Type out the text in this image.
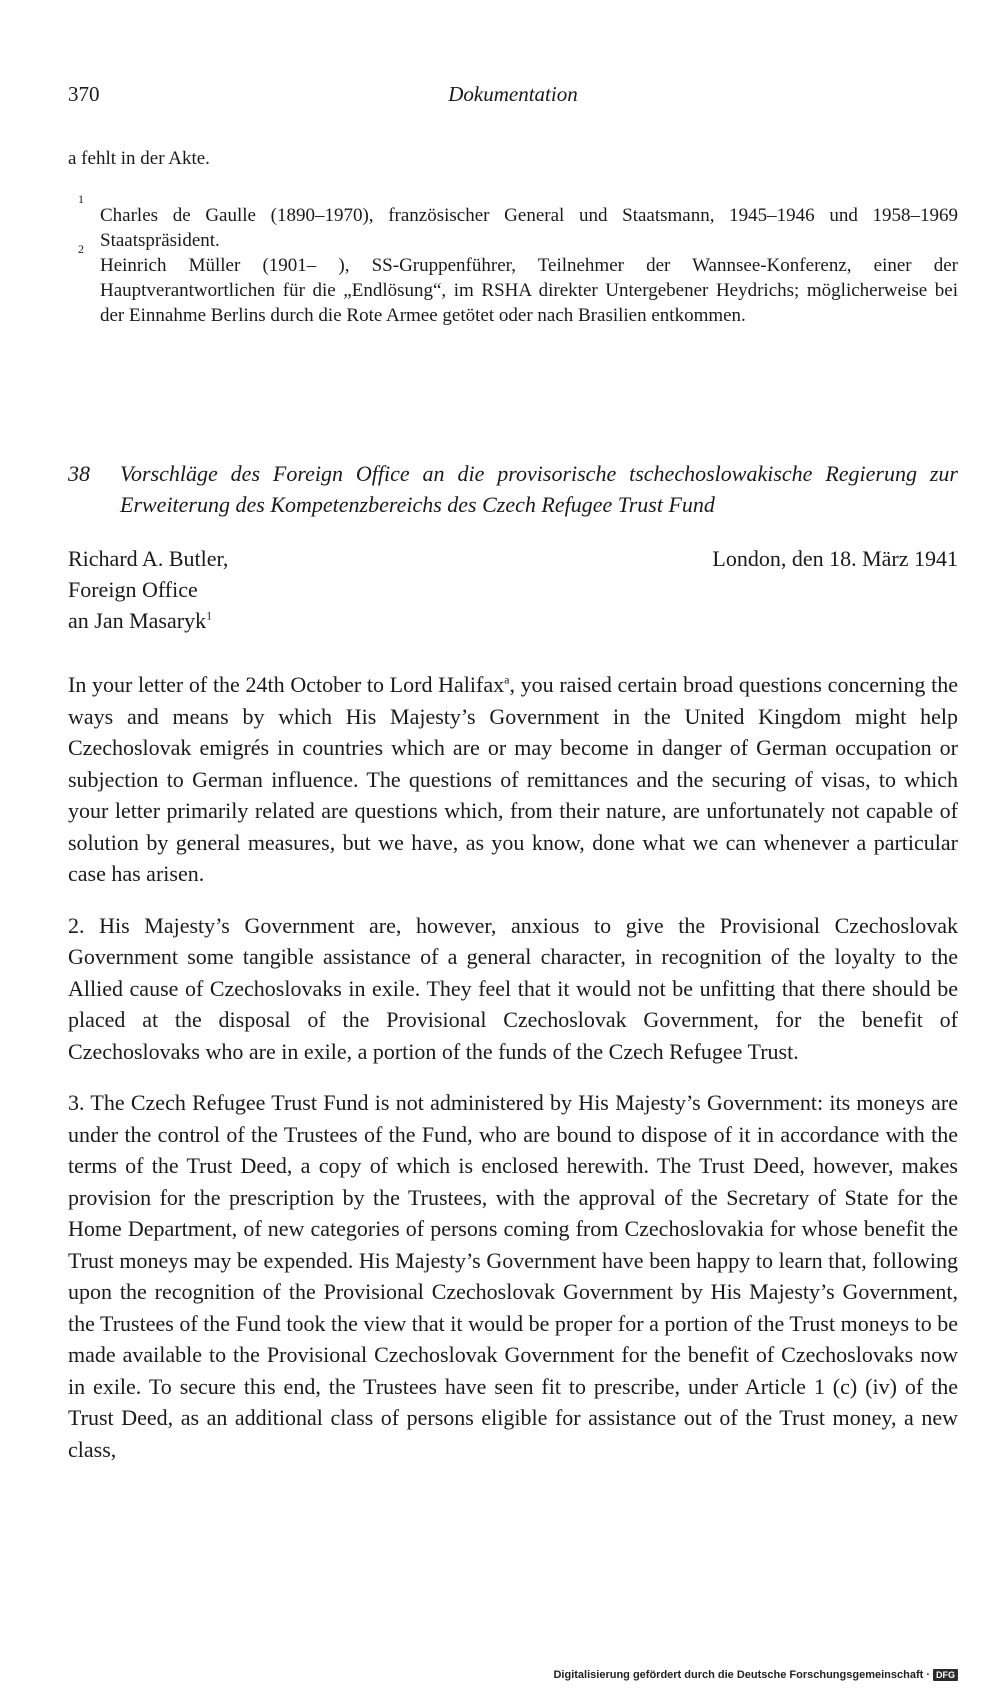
370	Dokumentation
a fehlt in der Akte.
1
Charles de Gaulle (1890–1970), französischer General und Staatsmann, 1945–1946 und 1958–1969 Staatspräsident.
2
Heinrich Müller (1901– ), SS-Gruppenführer, Teilnehmer der Wannsee-Konferenz, einer der Hauptverantwortlichen für die „Endlösung“, im RSHA direkter Untergebener Heydrichs; möglicherweise bei der Einnahme Berlins durch die Rote Armee getötet oder nach Brasilien entkommen.
38 Vorschläge des Foreign Office an die provisorische tschechoslowakische Regierung zur Erweiterung des Kompetenzbereichs des Czech Refugee Trust Fund
Richard A. Butler,
Foreign Office
an Jan Masaryk$^1$
London, den 18. März 1941

In your letter of the 24th October to Lord Halifax$^a$, you raised certain broad questions concerning the ways and means by which His Majesty’s Government in the United Kingdom might help Czechoslovak emigrés in countries which are or may become in danger of German occupation or subjection to German influence. The questions of remittances and the securing of visas, to which your letter primarily related are questions which, from their nature, are unfortunately not capable of solution by general measures, but we have, as you know, done what we can whenever a particular case has arisen.

2. His Majesty’s Government are, however, anxious to give the Provisional Czechoslovak Government some tangible assistance of a general character, in recognition of the loyalty to the Allied cause of Czechoslovaks in exile. They feel that it would not be unfitting that there should be placed at the disposal of the Provisional Czechoslovak Government, for the benefit of Czechoslovaks who are in exile, a portion of the funds of the Czech Refugee Trust.

3. The Czech Refugee Trust Fund is not administered by His Majesty’s Government: its moneys are under the control of the Trustees of the Fund, who are bound to dispose of it in accordance with the terms of the Trust Deed, a copy of which is enclosed herewith. The Trust Deed, however, makes provision for the prescription by the Trustees, with the approval of the Secretary of State for the Home Department, of new categories of persons coming from Czechoslovakia for whose benefit the Trust moneys may be expended. His Majesty’s Government have been happy to learn that, following upon the recognition of the Provisional Czechoslovak Government by His Majesty’s Government, the Trustees of the Fund took the view that it would be proper for a portion of the Trust moneys to be made available to the Provisional Czechoslovak Government for the benefit of Czechoslovaks now in exile. To secure this end, the Trustees have seen fit to prescribe, under Article 1 (c) (iv) of the Trust Deed, as an additional class of persons eligible for assistance out of the Trust money, a new class,

Digitalisierung gefördert durch die Deutsche Forschungsgemeinschaft · DFG
